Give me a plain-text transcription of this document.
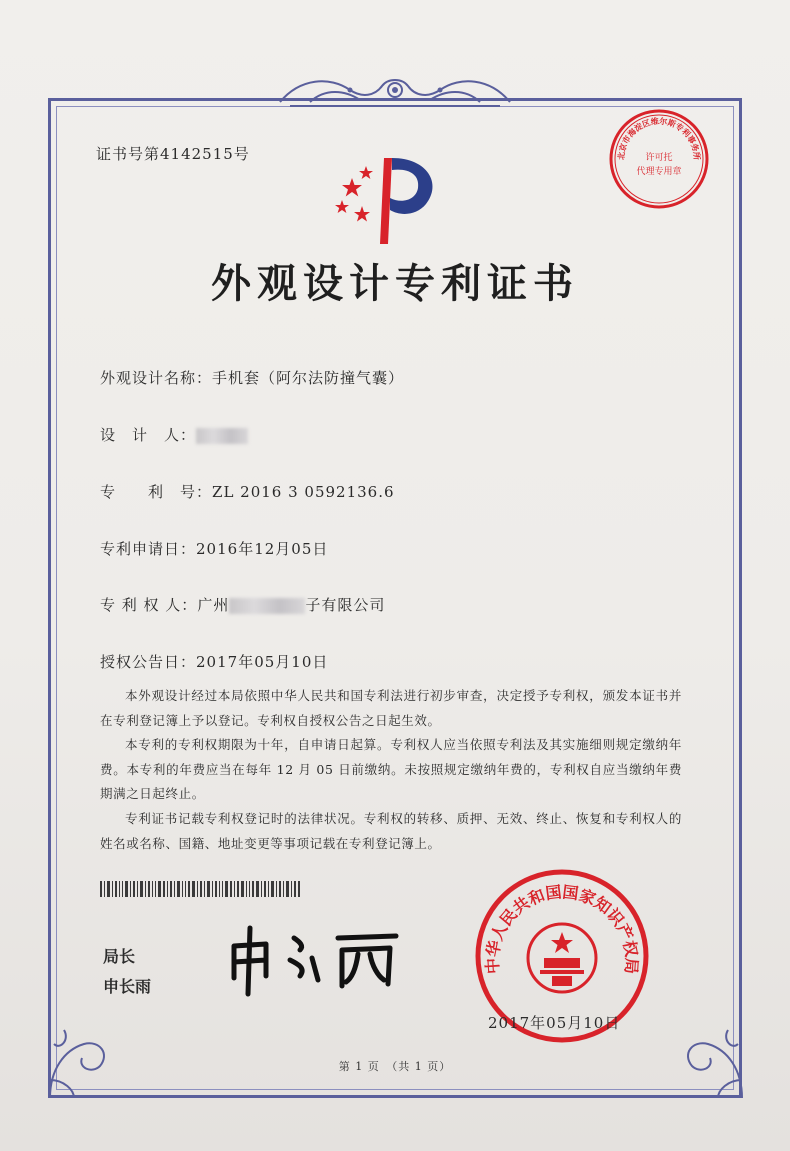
证书号第4142515号
外观设计专利证书
北京市海淀区维尔斯专利事务所
许可托
代理专用章
外观设计名称：手机套（阿尔法防撞气囊）
设　计　人：
专　　利　号：ZL 2016 3 0592136.6
专利申请日：2016年12月05日
专 利 权 人：广州	子有限公司
授权公告日：2017年05月10日
本外观设计经过本局依照中华人民共和国专利法进行初步审查，决定授予专利权，颁发本证书并在专利登记簿上予以登记。专利权自授权公告之日起生效。
本专利的专利权期限为十年，自申请日起算。专利权人应当依照专利法及其实施细则规定缴纳年费。本专利的年费应当在每年 12 月 05 日前缴纳。未按照规定缴纳年费的，专利权自应当缴纳年费期满之日起终止。
专利证书记载专利权登记时的法律状况。专利权的转移、质押、无效、终止、恢复和专利权人的姓名或名称、国籍、地址变更等事项记载在专利登记簿上。
局长
申长雨
中华人民共和国国家知识产权局
2017年05月10日
第 1 页　（共 1 页）
